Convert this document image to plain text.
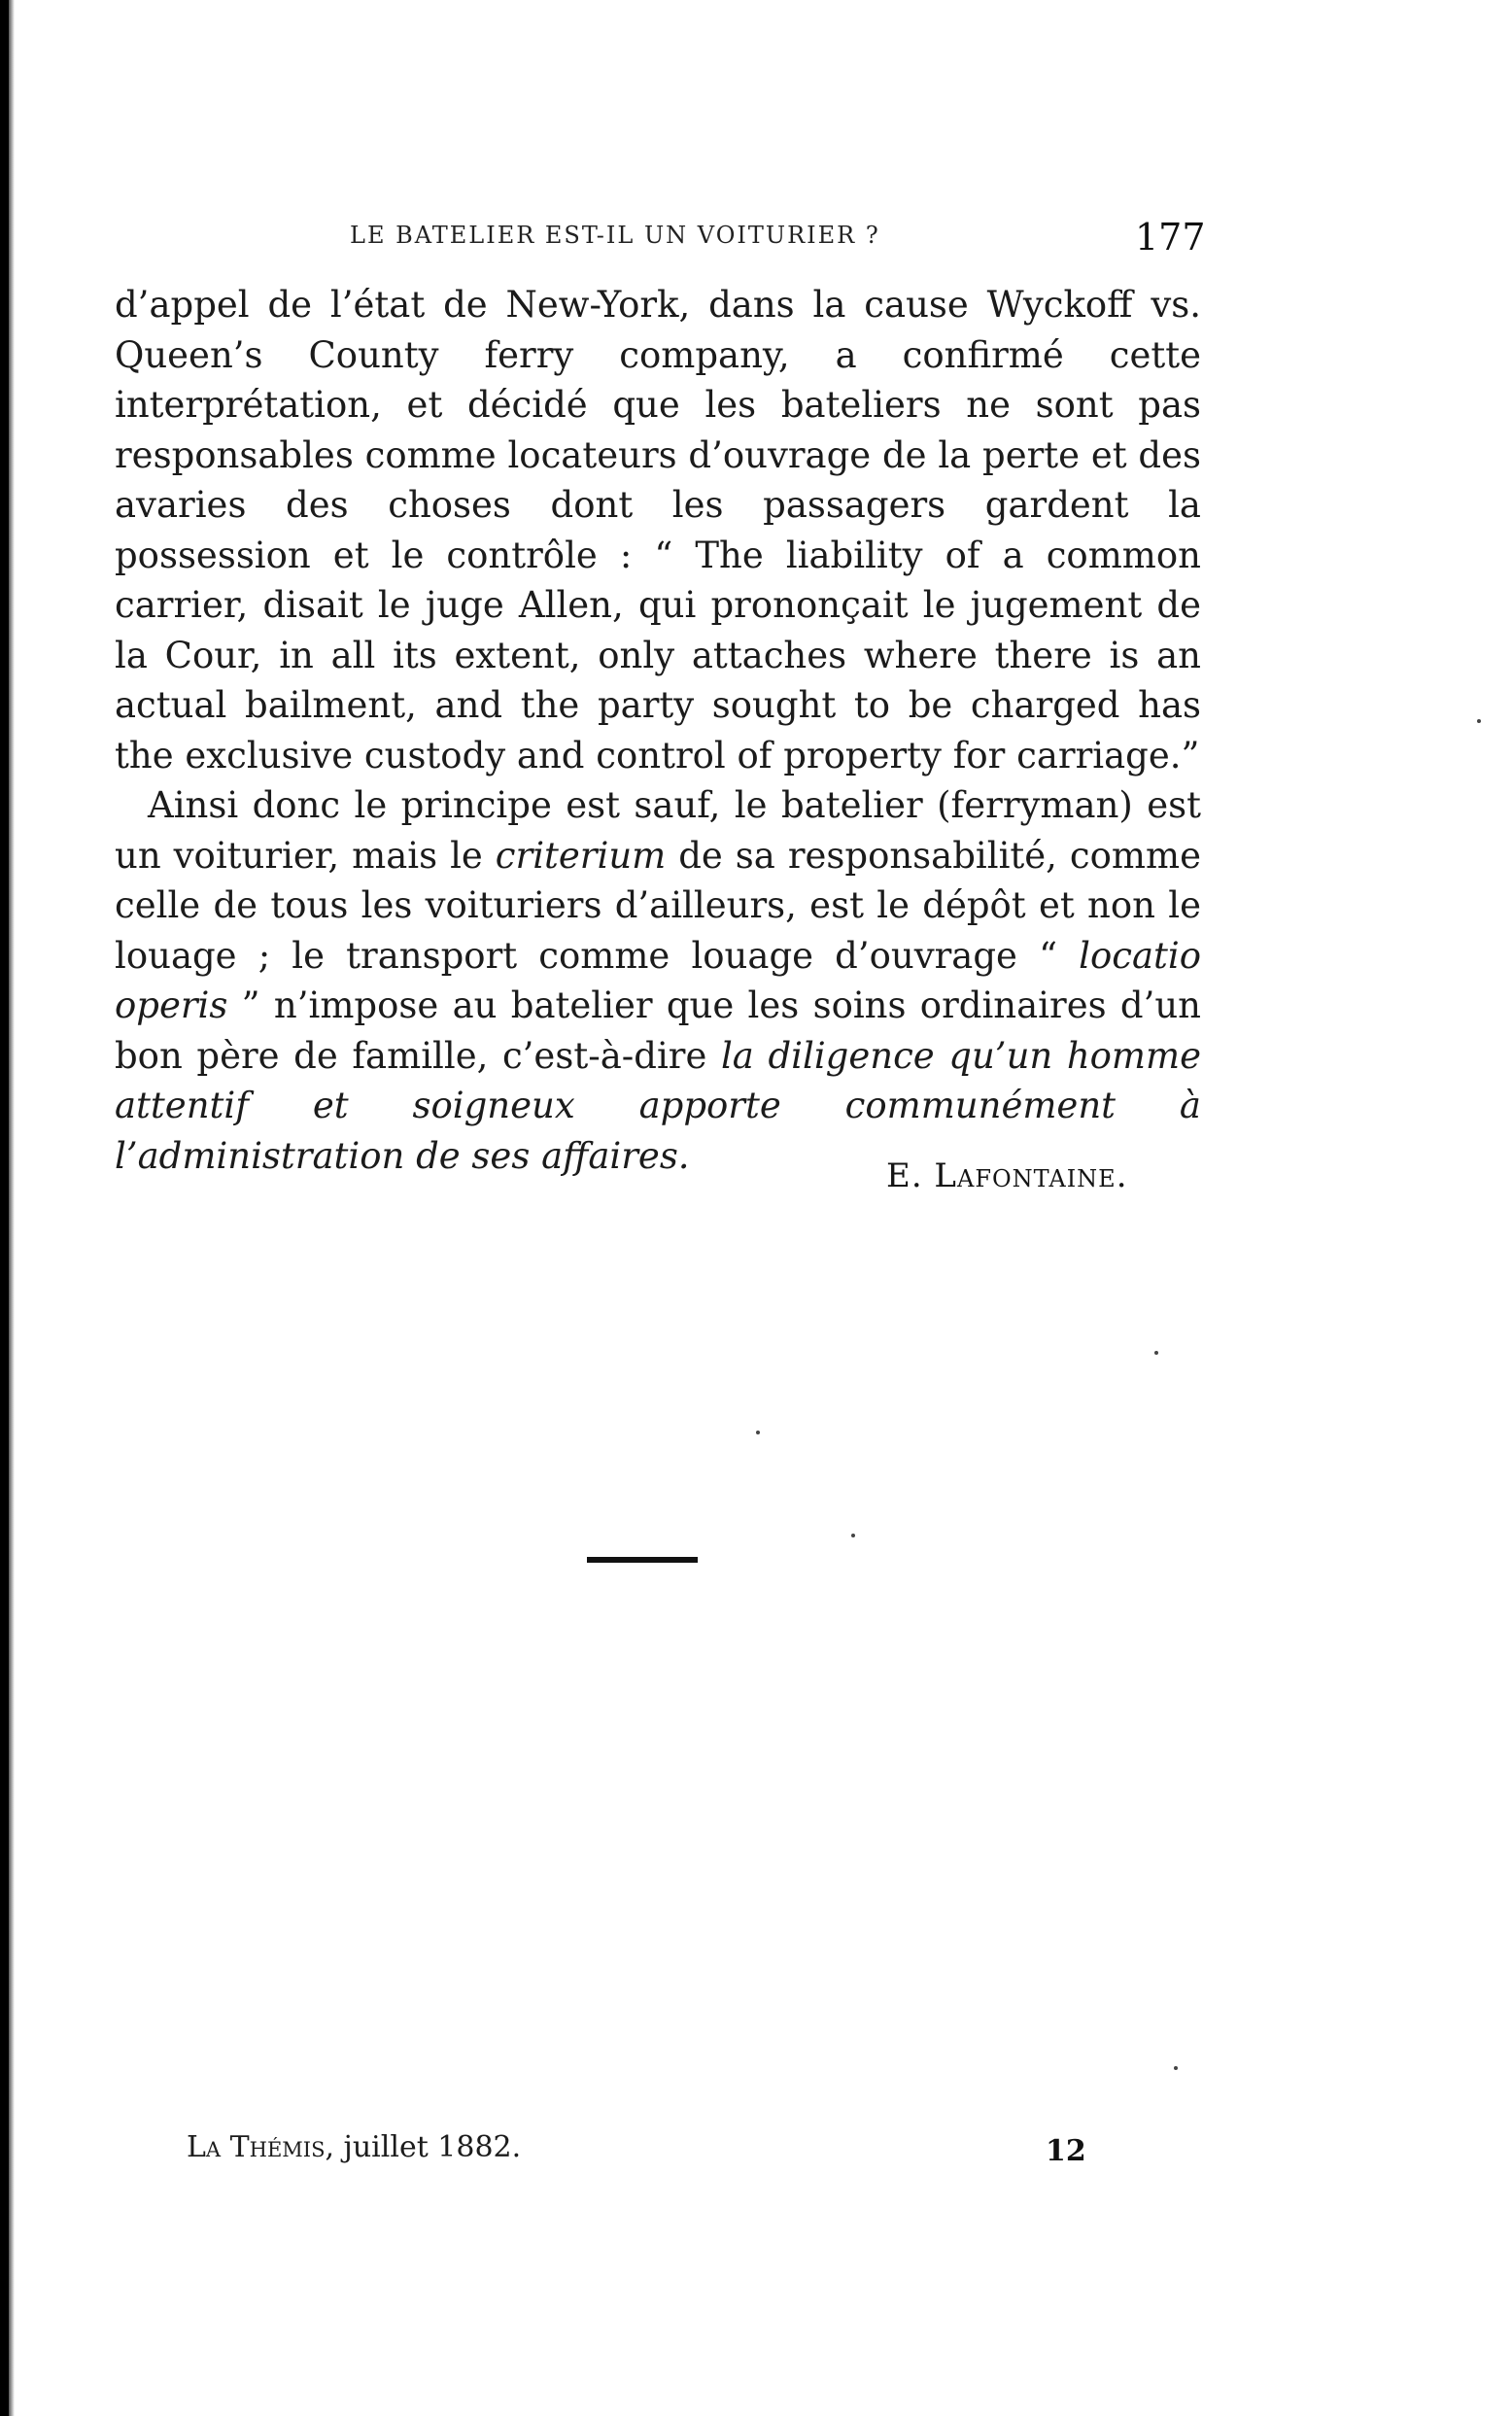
LE BATELIER EST-IL UN VOITURIER ?	177

d’appel de l’état de New-York, dans la cause Wyckoff vs. Queen’s County ferry company, a confirmé cette interprétation, et décidé que les bateliers ne sont pas responsables comme locateurs d’ouvrage de la perte et des avaries des choses dont les passagers gardent la possession et le contrôle : “ The liability of a common carrier, disait le juge Allen, qui prononçait le jugement de la Cour, in all its extent, only attaches where there is an actual bailment, and the party sought to be charged has the exclusive custody and control of property for carriage.”

Ainsi donc le principe est sauf, le batelier (ferryman) est un voiturier, mais le criterium de sa responsabilité, comme celle de tous les voituriers d’ailleurs, est le dépôt et non le louage ; le transport comme louage d’ouvrage “ locatio operis ” n’impose au batelier que les soins ordinaires d’un bon père de famille, c’est-à-dire la diligence qu’un homme attentif et soigneux apporte communément à l’administration de ses affaires.	E. Lafontaine.
La Thémis, juillet 1882.	12
